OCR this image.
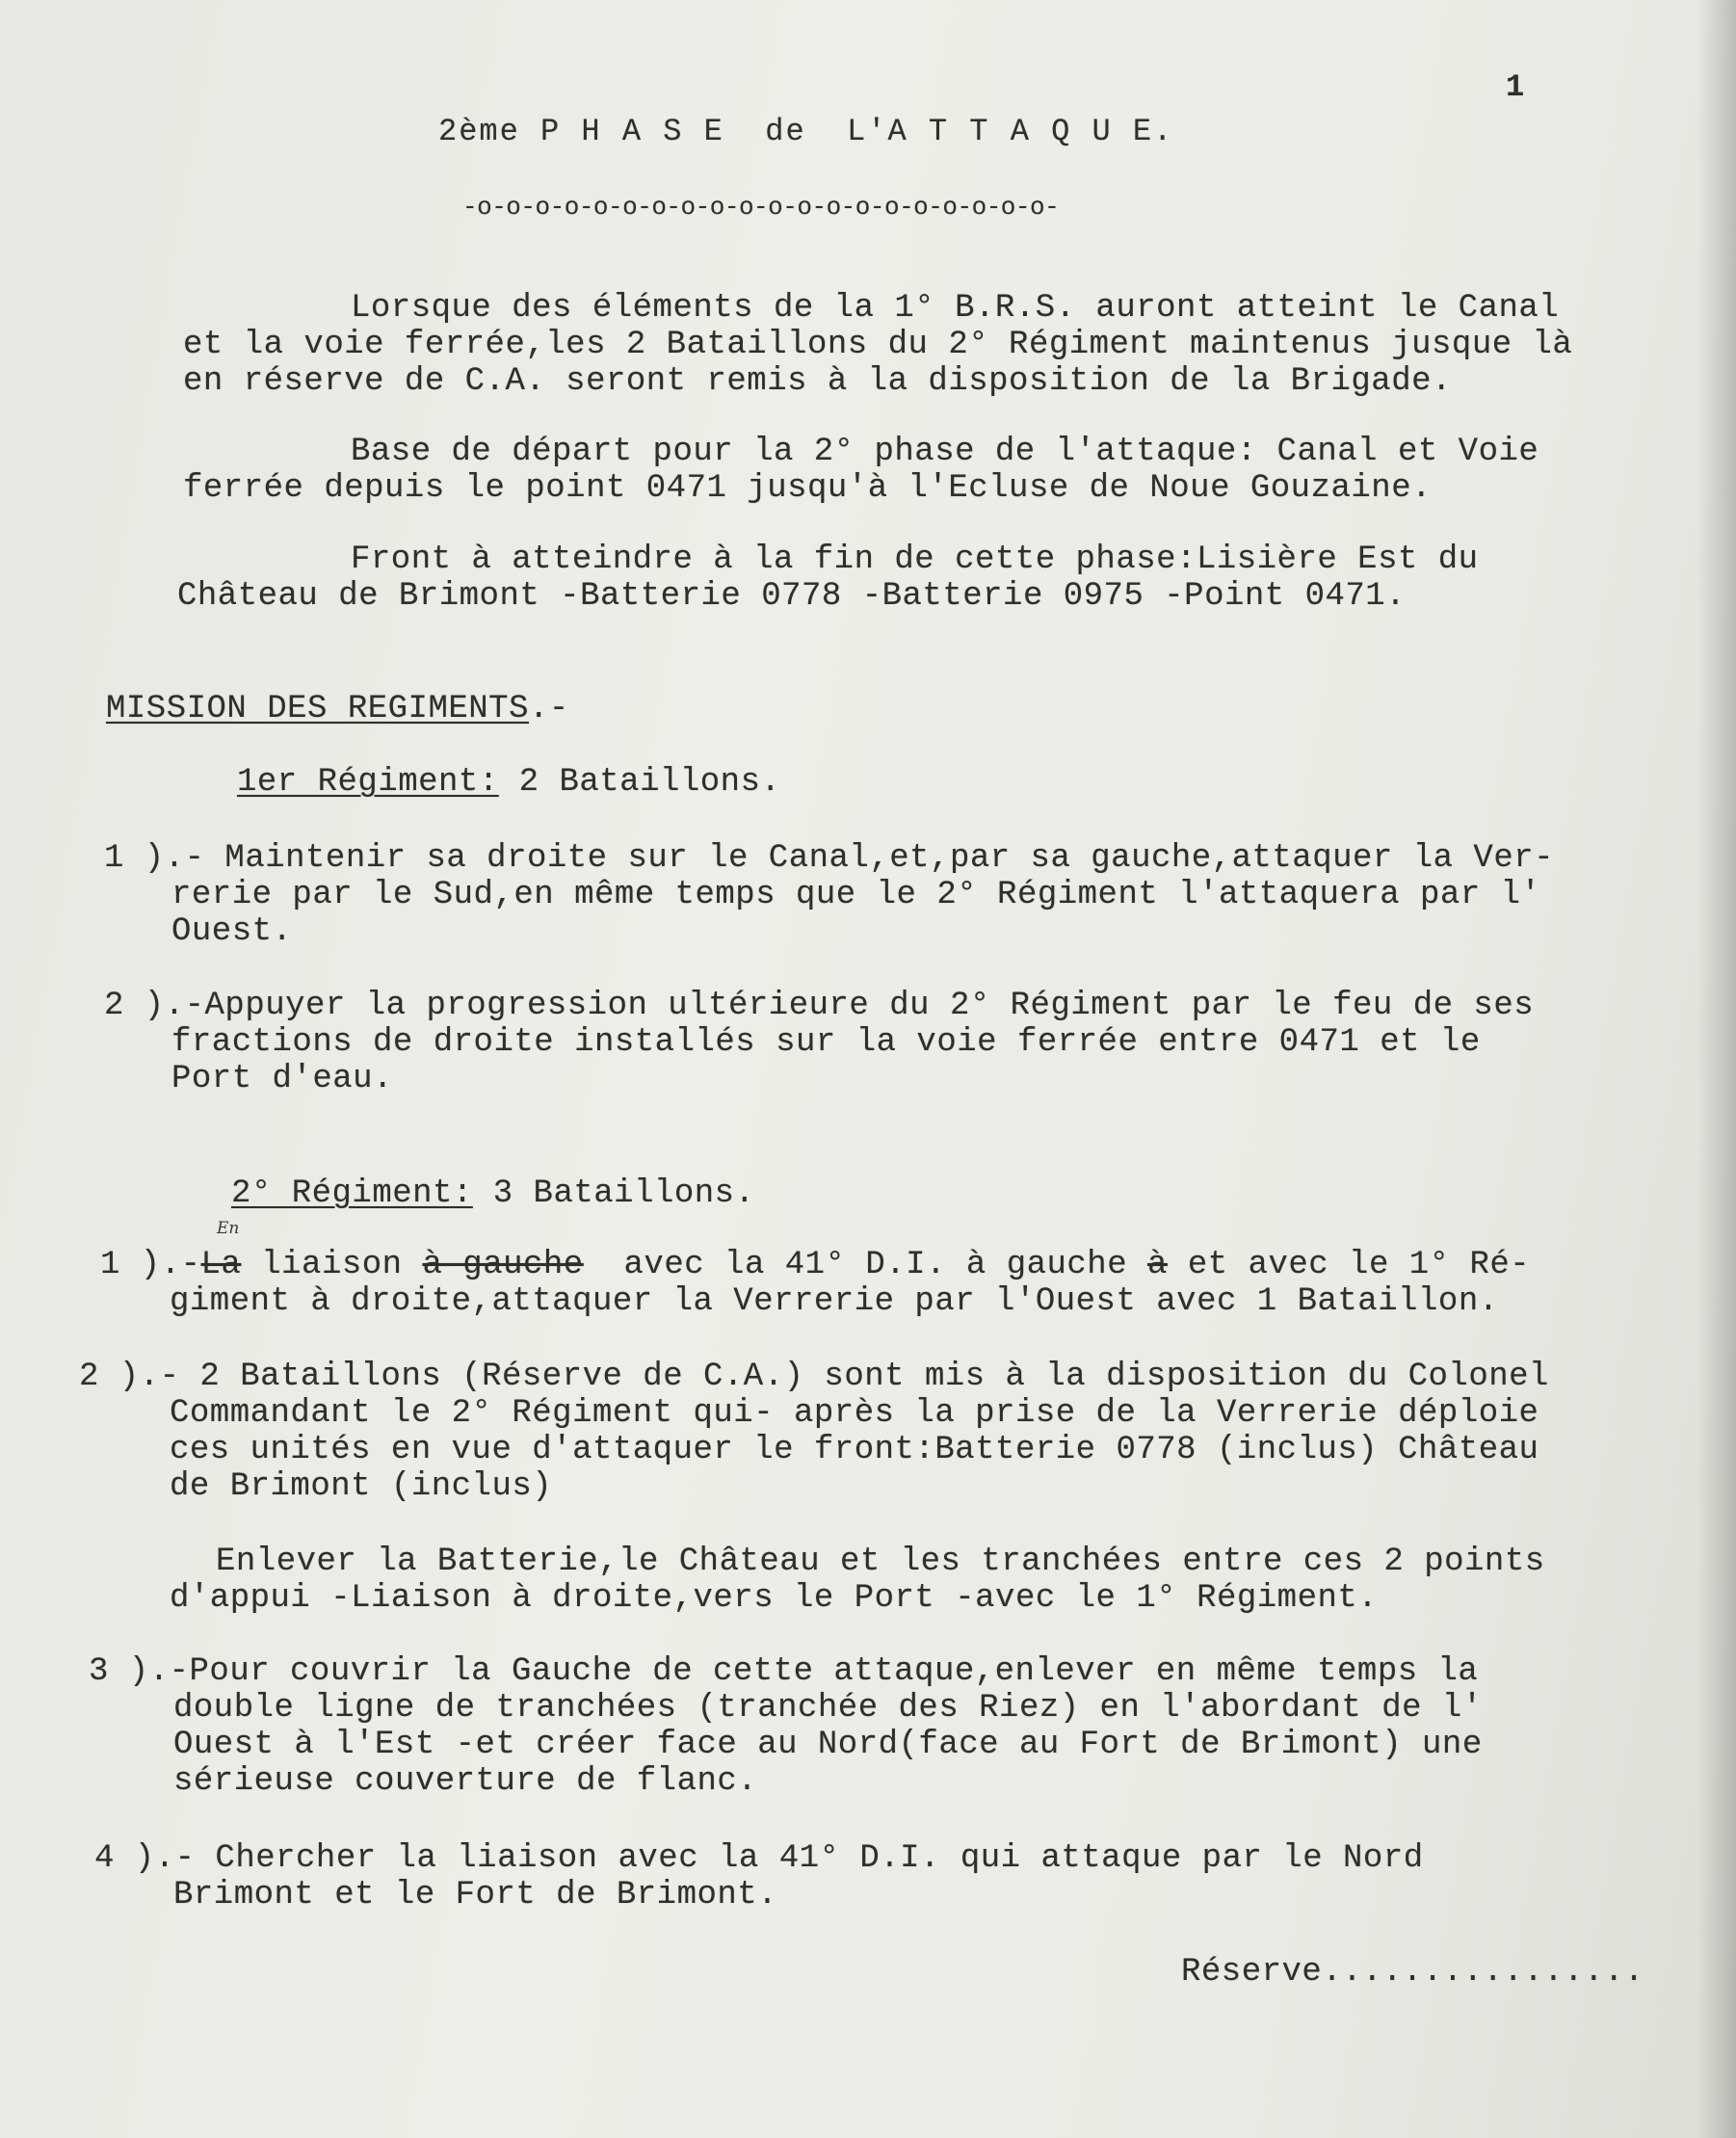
1
2ème P H A S E  de  L'A T T A Q U E.
-o-o-o-o-o-o-o-o-o-o-o-o-o-o-o-o-o-o-o-o-
Lorsque des éléments de la 1° B.R.S. auront atteint le Canal
et la voie ferrée,les 2 Bataillons du 2° Régiment maintenus jusque là
en réserve de C.A. seront remis à la disposition de la Brigade.
Base de départ pour la 2° phase de l'attaque: Canal et Voie
ferrée depuis le point 0471 jusqu'à l'Ecluse de Noue Gouzaine.
Front à atteindre à la fin de cette phase:Lisière Est du
Château de Brimont -Batterie 0778 -Batterie 0975 -Point 0471.
MISSION DES REGIMENTS.-
1er Régiment: 2 Bataillons.
1 ).- Maintenir sa droite sur le Canal,et,par sa gauche,attaquer la Ver-
rerie par le Sud,en même temps que le 2° Régiment l'attaquera par l'
Ouest.
2 ).-Appuyer la progression ultérieure du 2° Régiment par le feu de ses
fractions de droite installés sur la voie ferrée entre 0471 et le
Port d'eau.
2° Régiment: 3 Bataillons.
En
1 ).-La liaison à gauche  avec la 41° D.I. à gauche à et avec le 1° Ré-
giment à droite,attaquer la Verrerie par l'Ouest avec 1 Bataillon.
2 ).- 2 Bataillons (Réserve de C.A.) sont mis à la disposition du Colonel
Commandant le 2° Régiment qui- après la prise de la Verrerie déploie
ces unités en vue d'attaquer le front:Batterie 0778 (inclus) Château
de Brimont (inclus)
Enlever la Batterie,le Château et les tranchées entre ces 2 points
d'appui -Liaison à droite,vers le Port -avec le 1° Régiment.
3 ).-Pour couvrir la Gauche de cette attaque,enlever en même temps la
double ligne de tranchées (tranchée des Riez) en l'abordant de l'
Ouest à l'Est -et créer face au Nord(face au Fort de Brimont) une
sérieuse couverture de flanc.
4 ).- Chercher la liaison avec la 41° D.I. qui attaque par le Nord
Brimont et le Fort de Brimont.
Réserve................
